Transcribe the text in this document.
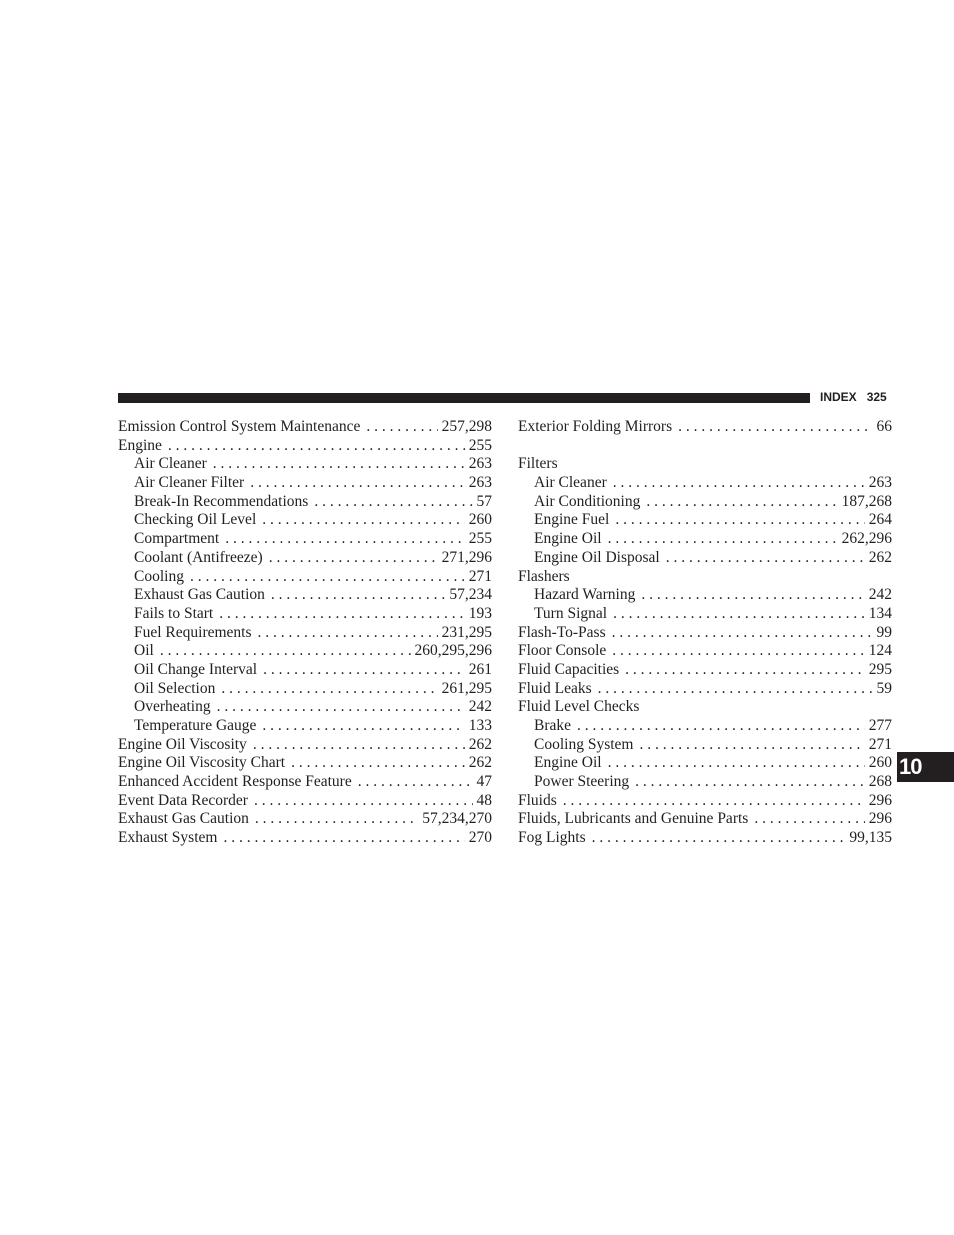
INDEX 325
Emission Control System Maintenance . . .	257,298
Engine . . .	255
Air Cleaner . . .	263
Air Cleaner Filter . . .	263
Break-In Recommendations . . .	57
Checking Oil Level . . .	260
Compartment . . .	255
Coolant (Antifreeze) . . .	271,296
Cooling . . .	271
Exhaust Gas Caution . . .	57,234
Fails to Start . . .	193
Fuel Requirements . . .	231,295
Oil . . .	260,295,296
Oil Change Interval . . .	261
Oil Selection . . .	261,295
Overheating . . .	242
Temperature Gauge . . .	133
Engine Oil Viscosity . . .	262
Engine Oil Viscosity Chart . . .	262
Enhanced Accident Response Feature . . .	47
Event Data Recorder . . .	48
Exhaust Gas Caution . . .	57,234,270
Exhaust System . . .	270
Exterior Folding Mirrors . . .	66
Filters
Air Cleaner . . .	263
Air Conditioning . . .	187,268
Engine Fuel . . .	264
Engine Oil . . .	262,296
Engine Oil Disposal . . .	262
Flashers
Hazard Warning . . .	242
Turn Signal . . .	134
Flash-To-Pass . . .	99
Floor Console . . .	124
Fluid Capacities . . .	295
Fluid Leaks . . .	59
Fluid Level Checks
Brake . . .	277
Cooling System . . .	271
Engine Oil . . .	260
Power Steering . . .	268
Fluids . . .	296
Fluids, Lubricants and Genuine Parts . . .	296
Fog Lights . . .	99,135
10
